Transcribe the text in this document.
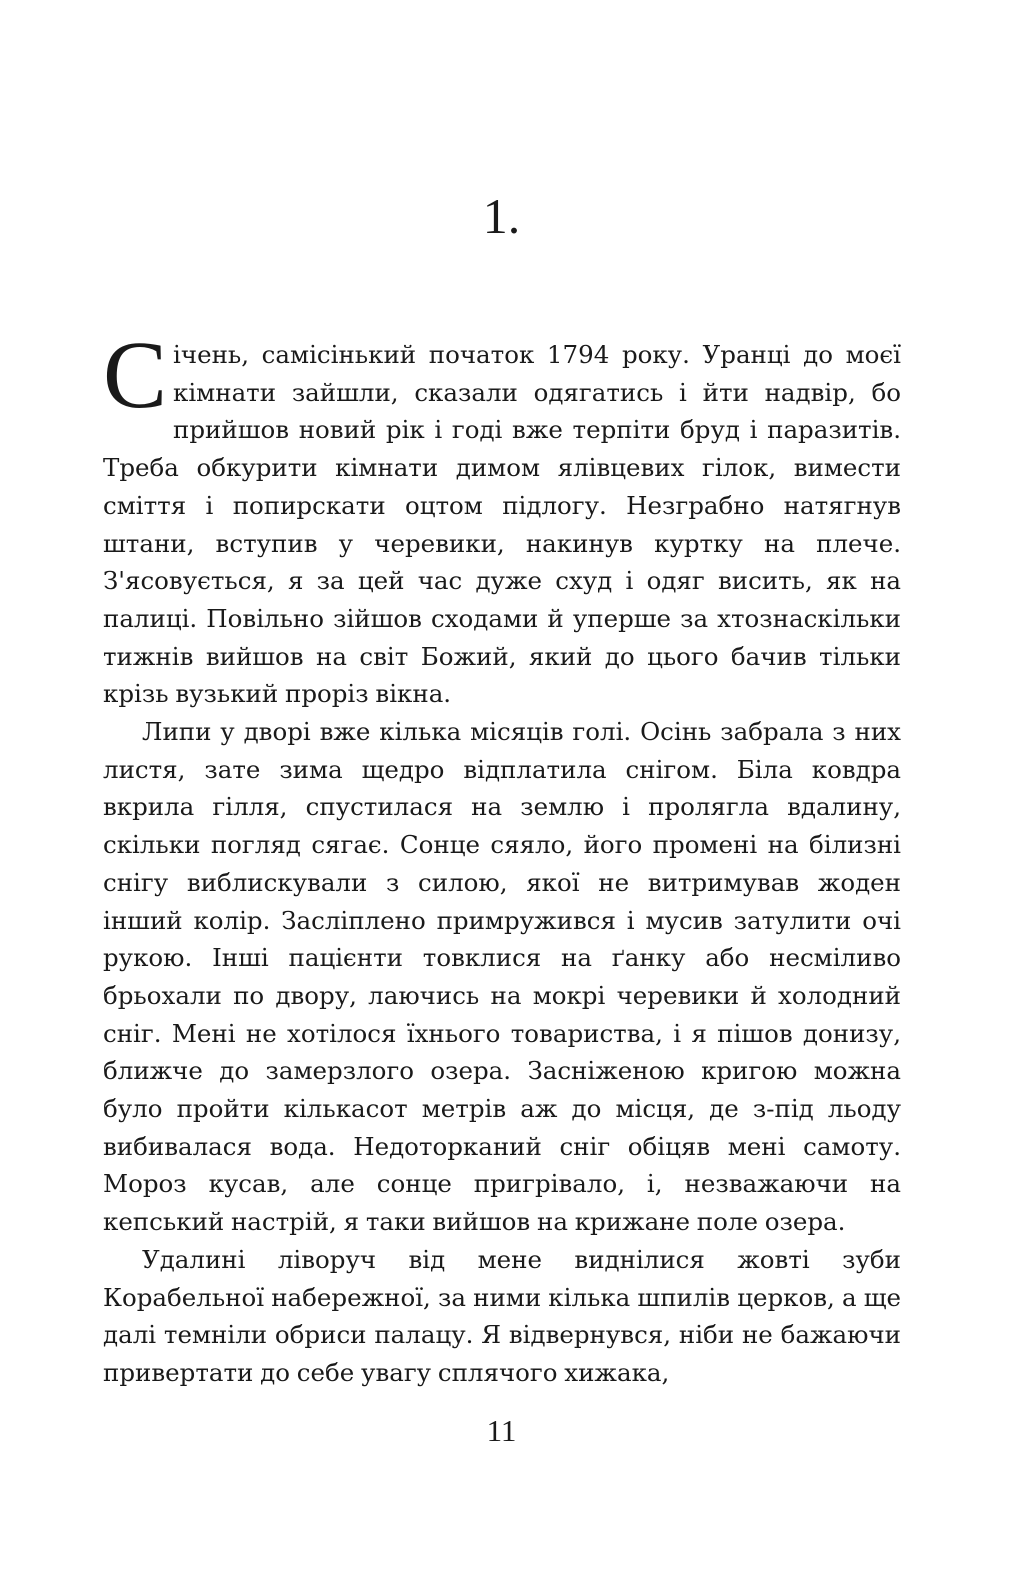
1.

Січень, самісінький початок 1794 року. Уранці до моєї кімнати зайшли, сказали одягатись і йти надвір, бо прийшов новий рік і годі вже терпіти бруд і паразитів. Треба обкурити кімнати димом ялівцевих гілок, вимести сміття і попирскати оцтом підлогу. Незграбно натягнув штани, вступив у черевики, накинув куртку на плече. З'ясовується, я за цей час дуже схуд і одяг висить, як на палиці. Повільно зійшов сходами й уперше за хтознаскільки тижнів вийшов на світ Божий, який до цього бачив тільки крізь вузький проріз вікна.

Липи у дворі вже кілька місяців голі. Осінь забрала з них листя, зате зима щедро відплатила снігом. Біла ковдра вкрила гілля, спустилася на землю і пролягла вдалину, скільки погляд сягає. Сонце сяяло, його промені на білизні снігу виблискували з силою, якої не витримував жоден інший колір. Засліплено примружився і мусив затулити очі рукою. Інші пацієнти товклися на ґанку або несміливо брьохали по двору, лаючись на мокрі черевики й холодний сніг. Мені не хотілося їхнього товариства, і я пішов донизу, ближче до замерзлого озера. Засніженою кригою можна було пройти кількасот метрів аж до місця, де з-під льоду вибивалася вода. Недоторканий сніг обіцяв мені самоту. Мороз кусав, але сонце пригрівало, і, незважаючи на кепський настрій, я таки вийшов на крижане поле озера.

Удалині ліворуч від мене виднілися жовті зуби Корабельної набережної, за ними кілька шпилів церков, а ще далі темніли обриси палацу. Я відвернувся, ніби не бажаючи привертати до себе увагу сплячого хижака,

11
